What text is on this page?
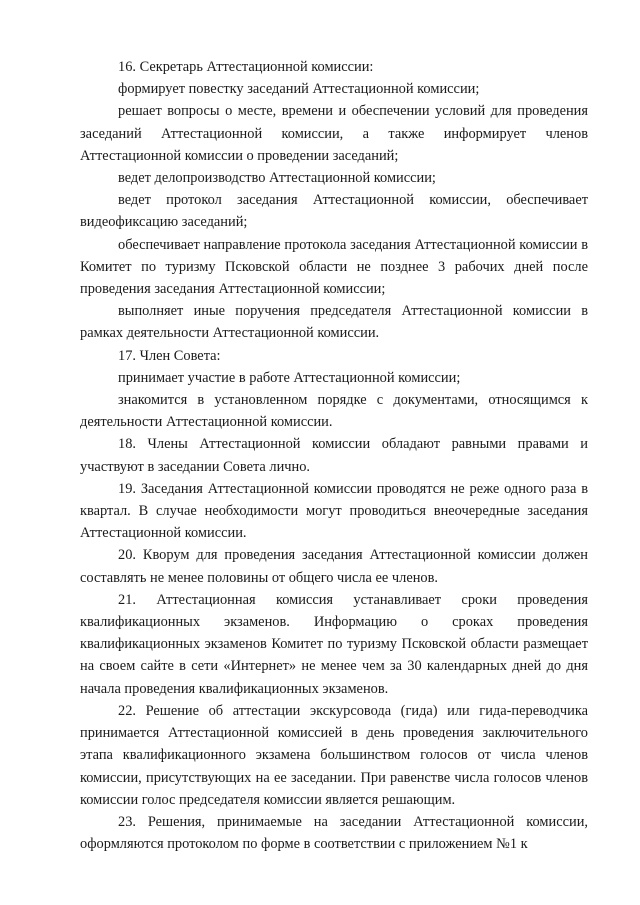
16. Секретарь Аттестационной комиссии:

формирует повестку заседаний Аттестационной комиссии;

решает вопросы о месте, времени и обеспечении условий для проведения заседаний Аттестационной комиссии, а также информирует членов Аттестационной комиссии о проведении заседаний;

ведет делопроизводство Аттестационной комиссии;

ведет протокол заседания Аттестационной комиссии, обеспечивает видеофиксацию заседаний;

обеспечивает направление протокола заседания Аттестационной комиссии в Комитет по туризму Псковской области не позднее 3 рабочих дней после проведения заседания Аттестационной комиссии;

выполняет иные поручения председателя Аттестационной комиссии в рамках деятельности Аттестационной комиссии.

17. Член Совета:

принимает участие в работе Аттестационной комиссии;

знакомится в установленном порядке с документами, относящимся к деятельности Аттестационной комиссии.

18. Члены Аттестационной комиссии обладают равными правами и участвуют в заседании Совета лично.

19. Заседания Аттестационной комиссии проводятся не реже одного раза в квартал. В случае необходимости могут проводиться внеочередные заседания Аттестационной комиссии.

20. Кворум для проведения заседания Аттестационной комиссии должен составлять не менее половины от общего числа ее членов.

21. Аттестационная комиссия устанавливает сроки проведения квалификационных экзаменов. Информацию о сроках проведения квалификационных экзаменов Комитет по туризму Псковской области размещает на своем сайте в сети «Интернет» не менее чем за 30 календарных дней до дня начала проведения квалификационных экзаменов.

22. Решение об аттестации экскурсовода (гида) или гида-переводчика принимается Аттестационной комиссией в день проведения заключительного этапа квалификационного экзамена большинством голосов от числа членов комиссии, присутствующих на ее заседании. При равенстве числа голосов членов комиссии голос председателя комиссии является решающим.

23. Решения, принимаемые на заседании Аттестационной комиссии, оформляются протоколом по форме в соответствии с приложением №1 к
